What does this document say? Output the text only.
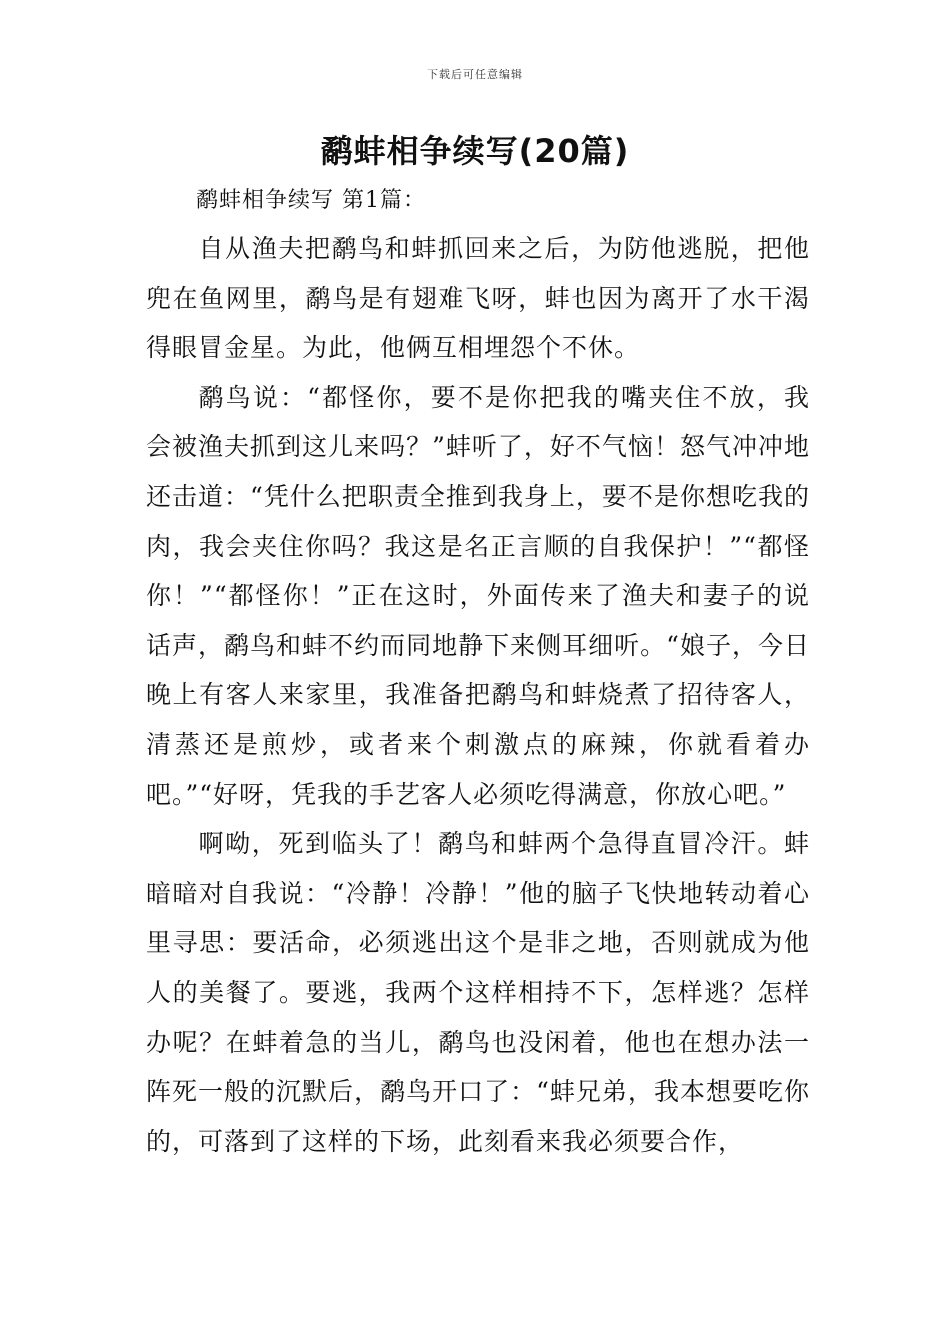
下载后可任意编辑
鹬蚌相争续写(20篇)
鹬蚌相争续写 第1篇：

自从渔夫把鹬鸟和蚌抓回来之后，为防他逃脱，把他兜在鱼网里，鹬鸟是有翅难飞呀，蚌也因为离开了水干渴得眼冒金星。为此，他俩互相埋怨个不休。

鹬鸟说：“都怪你，要不是你把我的嘴夹住不放，我会被渔夫抓到这儿来吗？”蚌听了，好不气恼！怒气冲冲地还击道：“凭什么把职责全推到我身上，要不是你想吃我的肉，我会夹住你吗？我这是名正言顺的自我保护！”“都怪你！”“都怪你！”正在这时，外面传来了渔夫和妻子的说话声，鹬鸟和蚌不约而同地静下来侧耳细听。“娘子，今日晚上有客人来家里，我准备把鹬鸟和蚌烧煮了招待客人，清蒸还是煎炒，或者来个刺激点的麻辣，你就看着办吧。”“好呀，凭我的手艺客人必须吃得满意，你放心吧。”

啊呦，死到临头了！鹬鸟和蚌两个急得直冒冷汗。蚌暗暗对自我说：“冷静！冷静！”他的脑子飞快地转动着心里寻思：要活命，必须逃出这个是非之地，否则就成为他人的美餐了。要逃，我两个这样相持不下，怎样逃？怎样办呢？在蚌着急的当儿，鹬鸟也没闲着，他也在想办法一阵死一般的沉默后，鹬鸟开口了：“蚌兄弟，我本想要吃你的，可落到了这样的下场，此刻看来我必须要合作，
